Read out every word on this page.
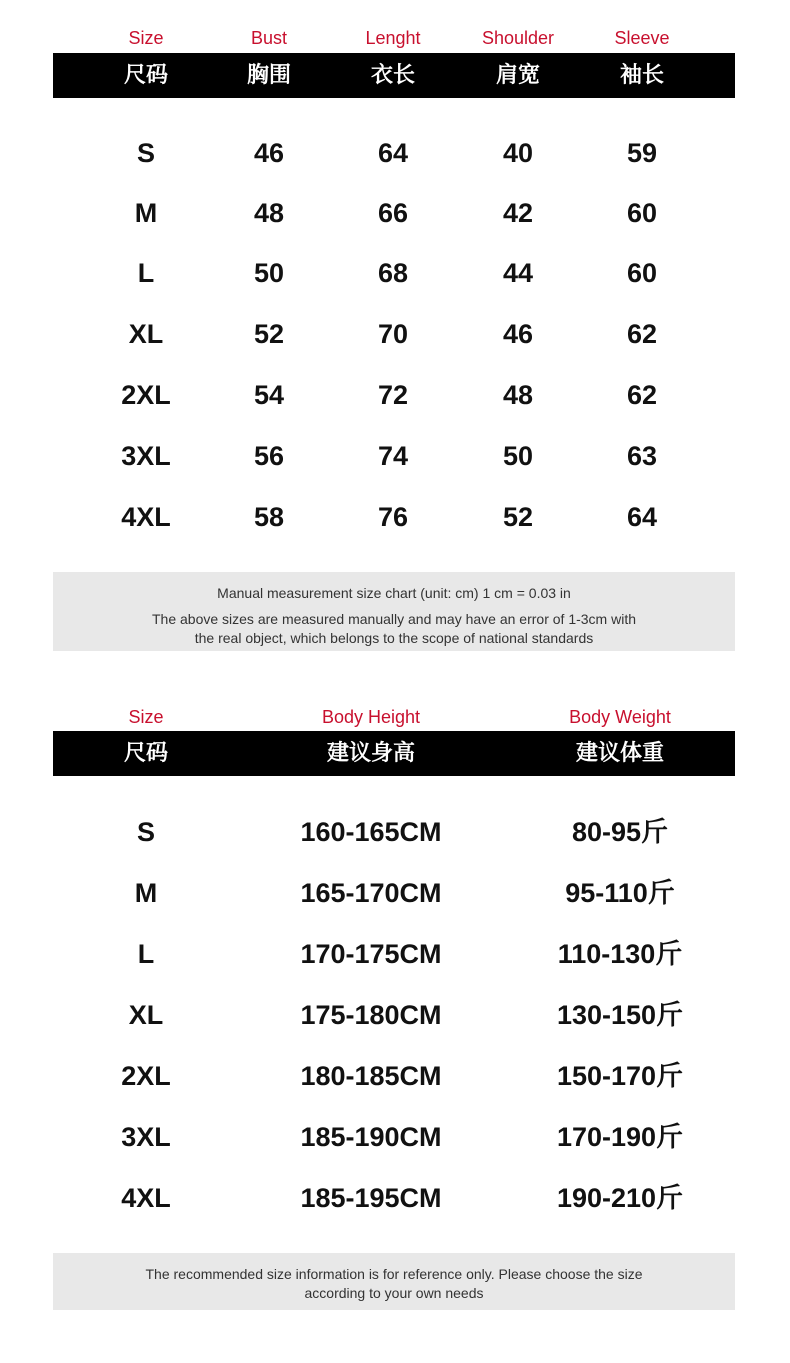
Size	Bust	Lenght	Shoulder	Sleeve
尺码	胸围	衣长	肩宽	袖长
S	46	64	40	59
M	48	66	42	60
L	50	68	44	60
XL	52	70	46	62
2XL	54	72	48	62
3XL	56	74	50	63
4XL	58	76	52	64
Manual measurement size chart (unit: cm) 1 cm = 0.03 in
The above sizes are measured manually and may have an error of 1-3cm with
the real object, which belongs to the scope of national standards
Size	Body Height	Body Weight
尺码	建议身高	建议体重
S	160-165CM	80-95斤
M	165-170CM	95-110斤
L	170-175CM	110-130斤
XL	175-180CM	130-150斤
2XL	180-185CM	150-170斤
3XL	185-190CM	170-190斤
4XL	185-195CM	190-210斤
The recommended size information is for reference only. Please choose the size
according to your own needs
